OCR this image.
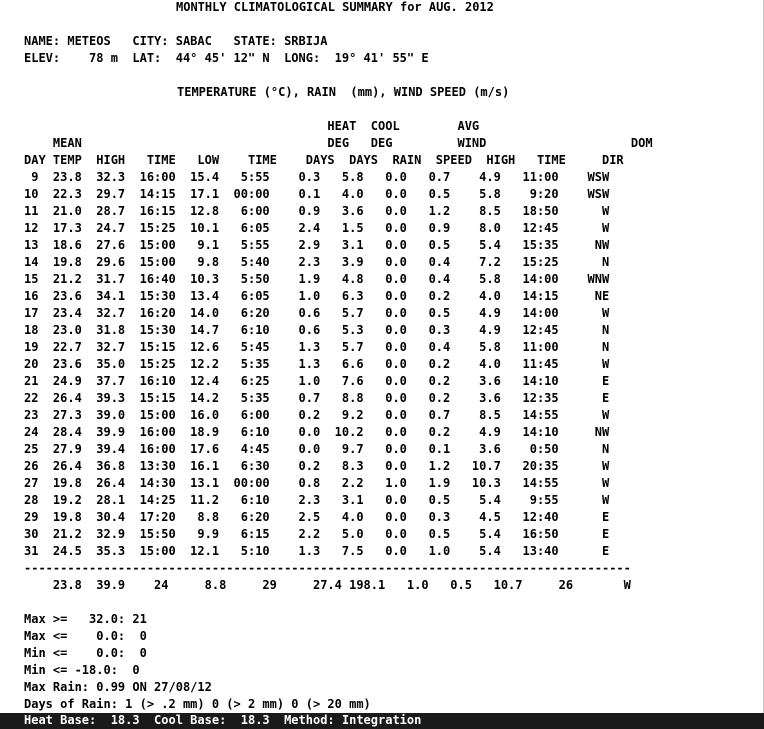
MONTHLY CLIMATOLOGICAL SUMMARY for AUG. 2012
NAME: METEOS   CITY: SABAC   STATE: SRBIJA
ELEV:    78 m  LAT:  44° 45' 12" N  LONG:  19° 41' 55" E
TEMPERATURE (°C), RAIN  (mm), WIND SPEED (m/s)
HEAT  COOL        AVG
MEAN                                  DEG   DEG         WIND                    DOM
DAY TEMP  HIGH   TIME   LOW    TIME    DAYS  DAYS  RAIN  SPEED  HIGH   TIME     DIR
9  23.8  32.3  16:00  15.4   5:55    0.3   5.8   0.0   0.7    4.9   11:00    WSW
10  22.3  29.7  14:15  17.1  00:00    0.1   4.0   0.0   0.5    5.8    9:20    WSW
11  21.0  28.7  16:15  12.8   6:00    0.9   3.6   0.0   1.2    8.5   18:50      W
12  17.3  24.7  15:25  10.1   6:05    2.4   1.5   0.0   0.9    8.0   12:45      W
13  18.6  27.6  15:00   9.1   5:55    2.9   3.1   0.0   0.5    5.4   15:35     NW
14  19.8  29.6  15:00   9.8   5:40    2.3   3.9   0.0   0.4    7.2   15:25      N
15  21.2  31.7  16:40  10.3   5:50    1.9   4.8   0.0   0.4    5.8   14:00    WNW
16  23.6  34.1  15:30  13.4   6:05    1.0   6.3   0.0   0.2    4.0   14:15     NE
17  23.4  32.7  16:20  14.0   6:20    0.6   5.7   0.0   0.5    4.9   14:00      W
18  23.0  31.8  15:30  14.7   6:10    0.6   5.3   0.0   0.3    4.9   12:45      N
19  22.7  32.7  15:15  12.6   5:45    1.3   5.7   0.0   0.4    5.8   11:00      N
20  23.6  35.0  15:25  12.2   5:35    1.3   6.6   0.0   0.2    4.0   11:45      W
21  24.9  37.7  16:10  12.4   6:25    1.0   7.6   0.0   0.2    3.6   14:10      E
22  26.4  39.3  15:15  14.2   5:35    0.7   8.8   0.0   0.2    3.6   12:35      E
23  27.3  39.0  15:00  16.0   6:00    0.2   9.2   0.0   0.7    8.5   14:55      W
24  28.4  39.9  16:00  18.9   6:10    0.0  10.2   0.0   0.2    4.9   14:10     NW
25  27.9  39.4  16:00  17.6   4:45    0.0   9.7   0.0   0.1    3.6    0:50      N
26  26.4  36.8  13:30  16.1   6:30    0.2   8.3   0.0   1.2   10.7   20:35      W
27  19.8  26.4  14:30  13.1  00:00    0.8   2.2   1.0   1.9   10.3   14:55      W
28  19.2  28.1  14:25  11.2   6:10    2.3   3.1   0.0   0.5    5.4    9:55      W
29  19.8  30.4  17:20   8.8   6:20    2.5   4.0   0.0   0.3    4.5   12:40      E
30  21.2  32.9  15:50   9.9   6:15    2.2   5.0   0.0   0.5    5.4   16:50      E
31  24.5  35.3  15:00  12.1   5:10    1.3   7.5   0.0   1.0    5.4   13:40      E
------------------------------------------------------------------------------------
23.8  39.9    24     8.8     29     27.4 198.1   1.0   0.5   10.7     26       W
Max >=   32.0: 21
Max <=    0.0:  0
Min <=    0.0:  0
Min <= -18.0:  0
Max Rain: 0.99 ON 27/08/12
Days of Rain: 1 (> .2 mm) 0 (> 2 mm) 0 (> 20 mm)
Heat Base:  18.3  Cool Base:  18.3  Method: Integration
